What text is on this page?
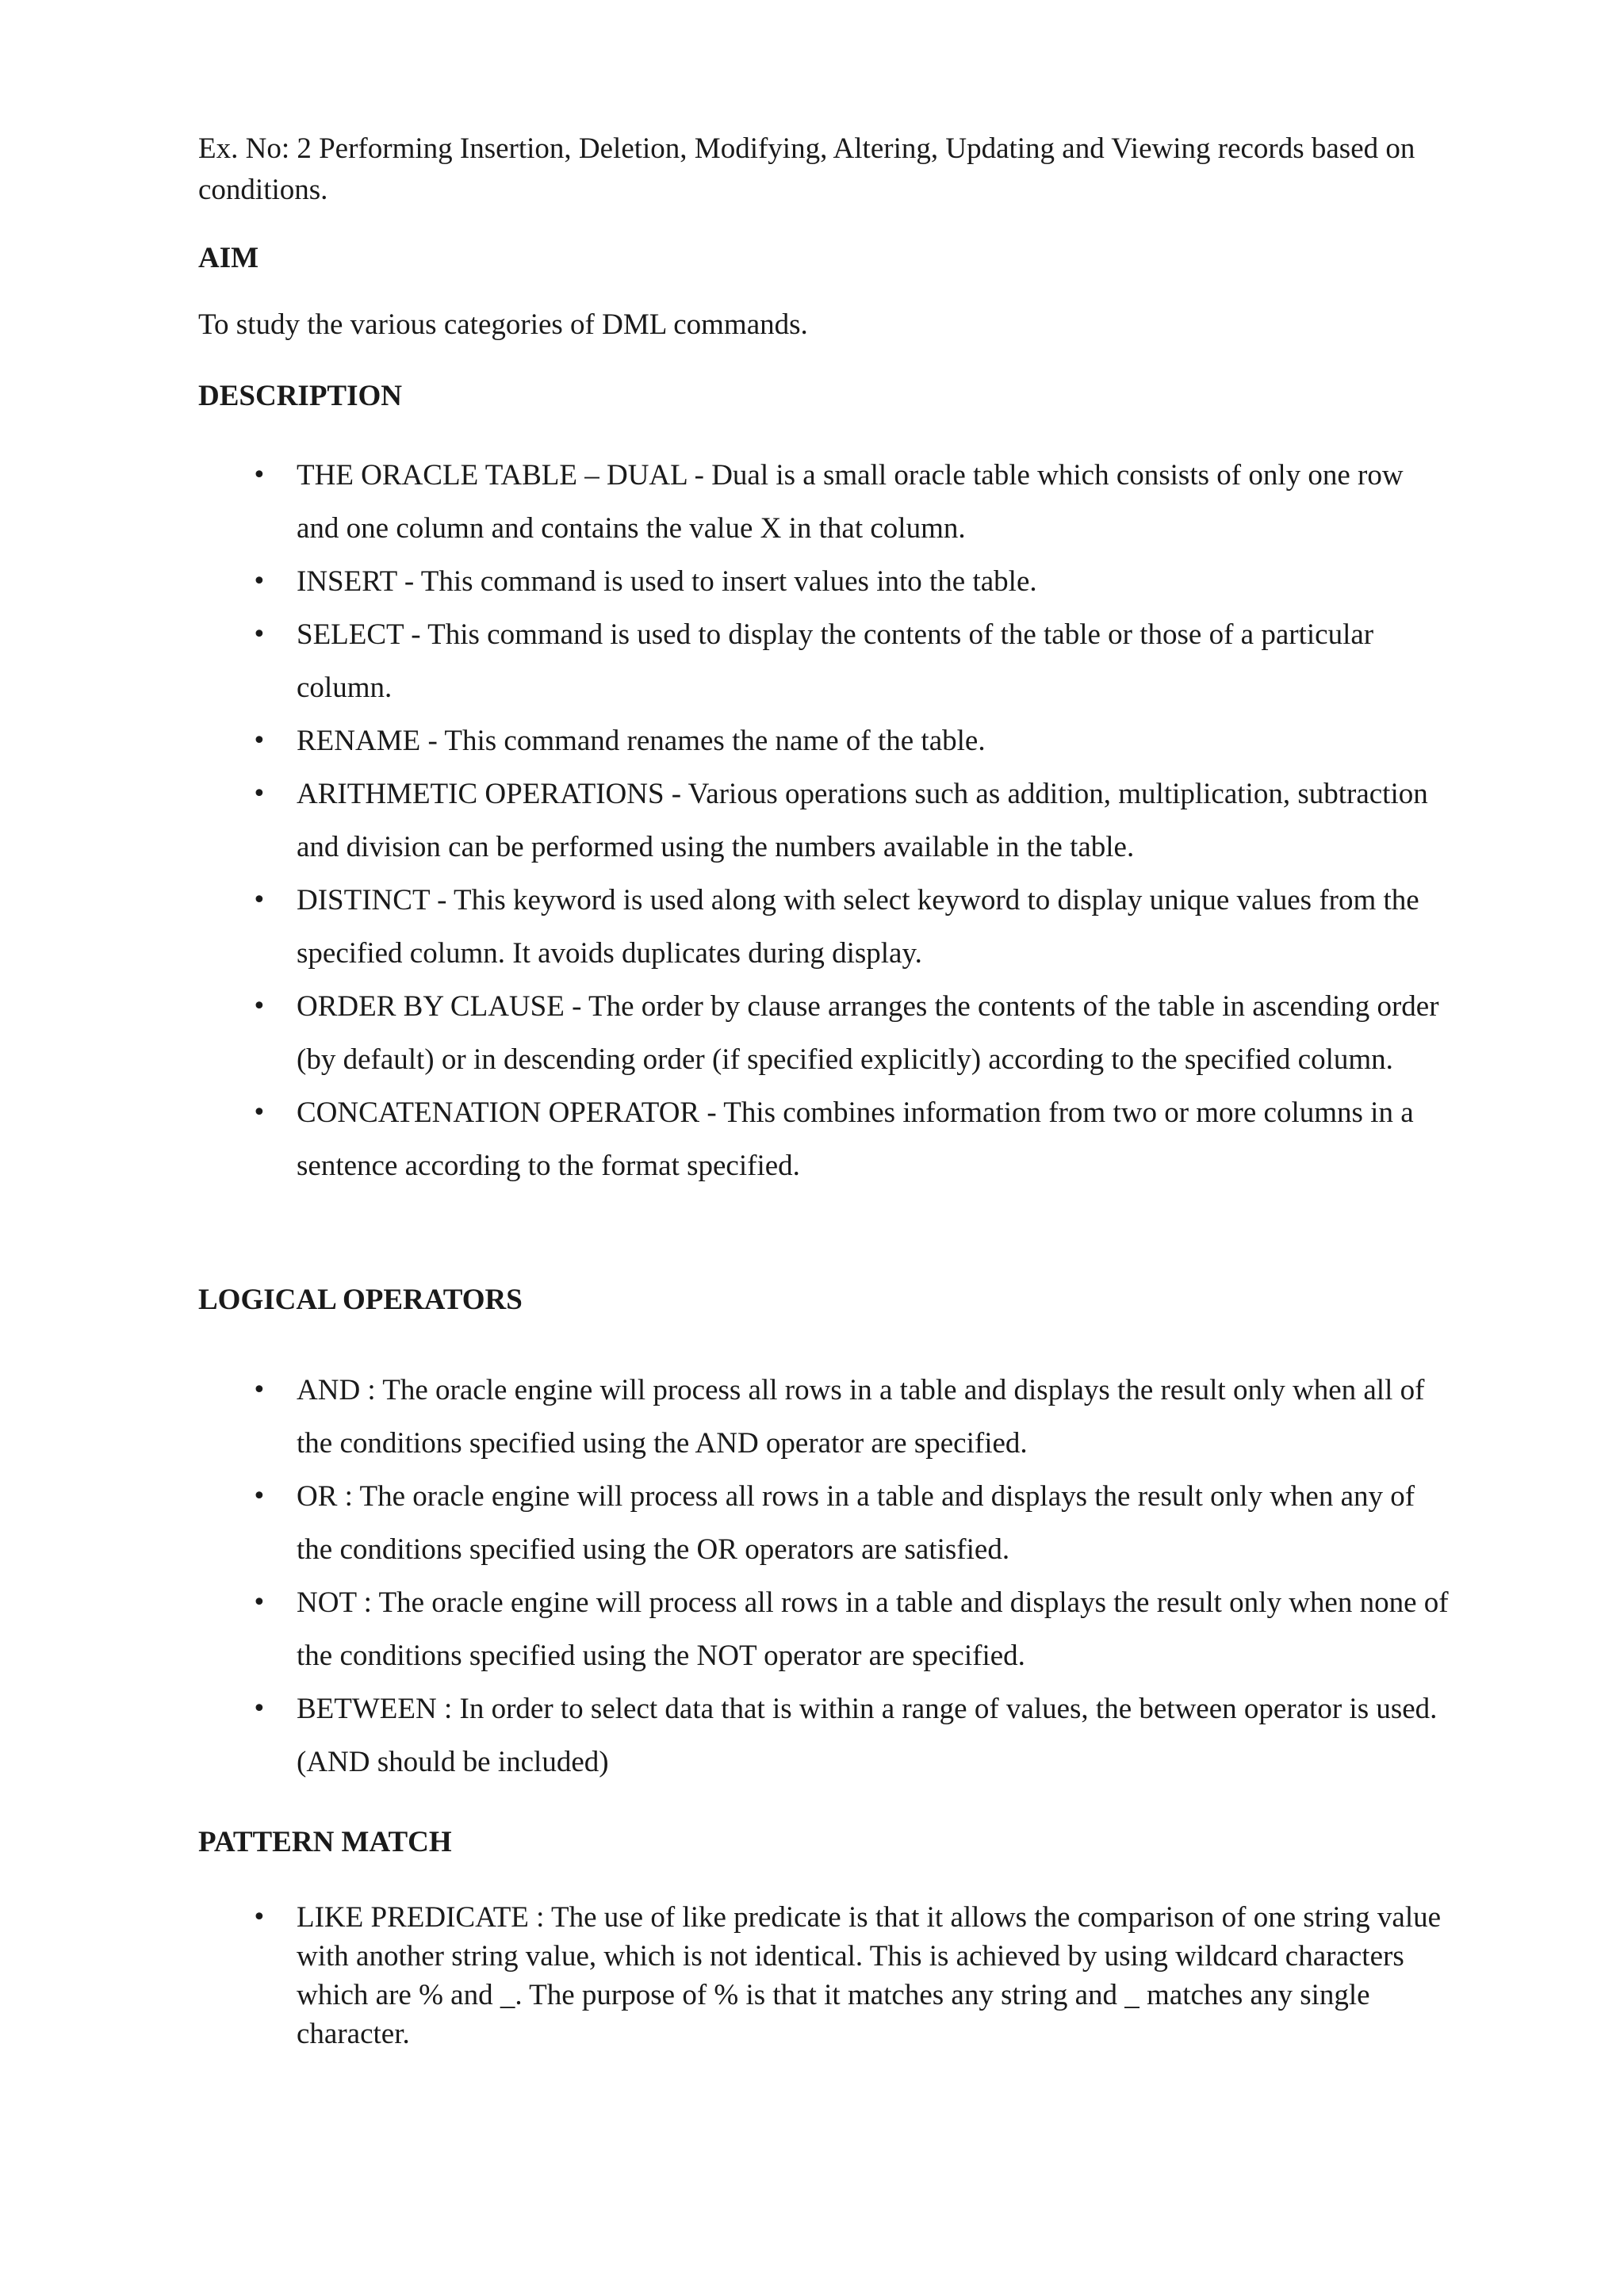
Ex. No: 2 Performing Insertion, Deletion, Modifying, Altering, Updating and Viewing records based on conditions.

AIM

To study the various categories of DML commands.

DESCRIPTION
• THE ORACLE TABLE – DUAL - Dual is a small oracle table which consists of only one row and one column and contains the value X in that column.
• INSERT - This command is used to insert values into the table.
• SELECT - This command is used to display the contents of the table or those of a particular column.
• RENAME - This command renames the name of the table.
• ARITHMETIC OPERATIONS - Various operations such as addition, multiplication, subtraction and division can be performed using the numbers available in the table.
• DISTINCT - This keyword is used along with select keyword to display unique values from the specified column. It avoids duplicates during display.
• ORDER BY CLAUSE - The order by clause arranges the contents of the table in ascending order (by default) or in descending order (if specified explicitly) according to the specified column.
• CONCATENATION OPERATOR - This combines information from two or more columns in a sentence according to the format specified.
LOGICAL OPERATORS
• AND : The oracle engine will process all rows in a table and displays the result only when all of the conditions specified using the AND operator are specified.
• OR : The oracle engine will process all rows in a table and displays the result only when any of the conditions specified using the OR operators are satisfied.
• NOT : The oracle engine will process all rows in a table and displays the result only when none of the conditions specified using the NOT operator are specified.
• BETWEEN : In order to select data that is within a range of values, the between operator is used. (AND should be included)
PATTERN MATCH
• LIKE PREDICATE : The use of like predicate is that it allows the comparison of one string value with another string value, which is not identical. This is achieved by using wildcard characters which are % and _. The purpose of % is that it matches any string and _ matches any single character.
